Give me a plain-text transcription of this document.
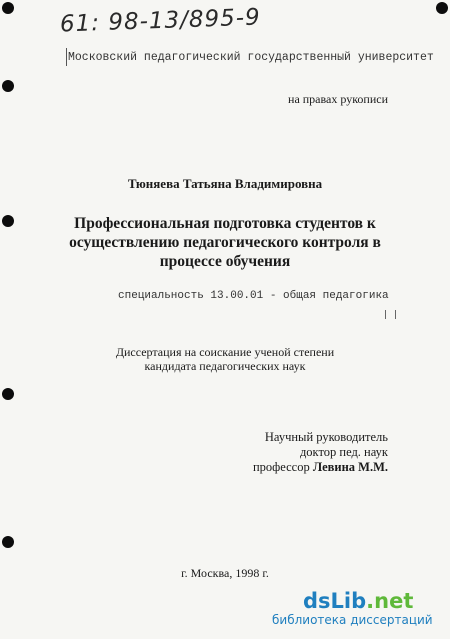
61: 98-13/895-9
Московский педагогический государственный университет
на правах рукописи
Тюняева Татьяна Владимировна
Профессиональная подготовка студентов к
осуществлению педагогического контроля в
процессе обучения
специальность 13.00.01 - общая педагогика
Диссертация на соискание ученой степени
кандидата педагогических наук
Научный руководитель
доктор пед. наук
профессор Левина М.М.
г. Москва, 1998 г.
dsLib.net
библиотека диссертаций
